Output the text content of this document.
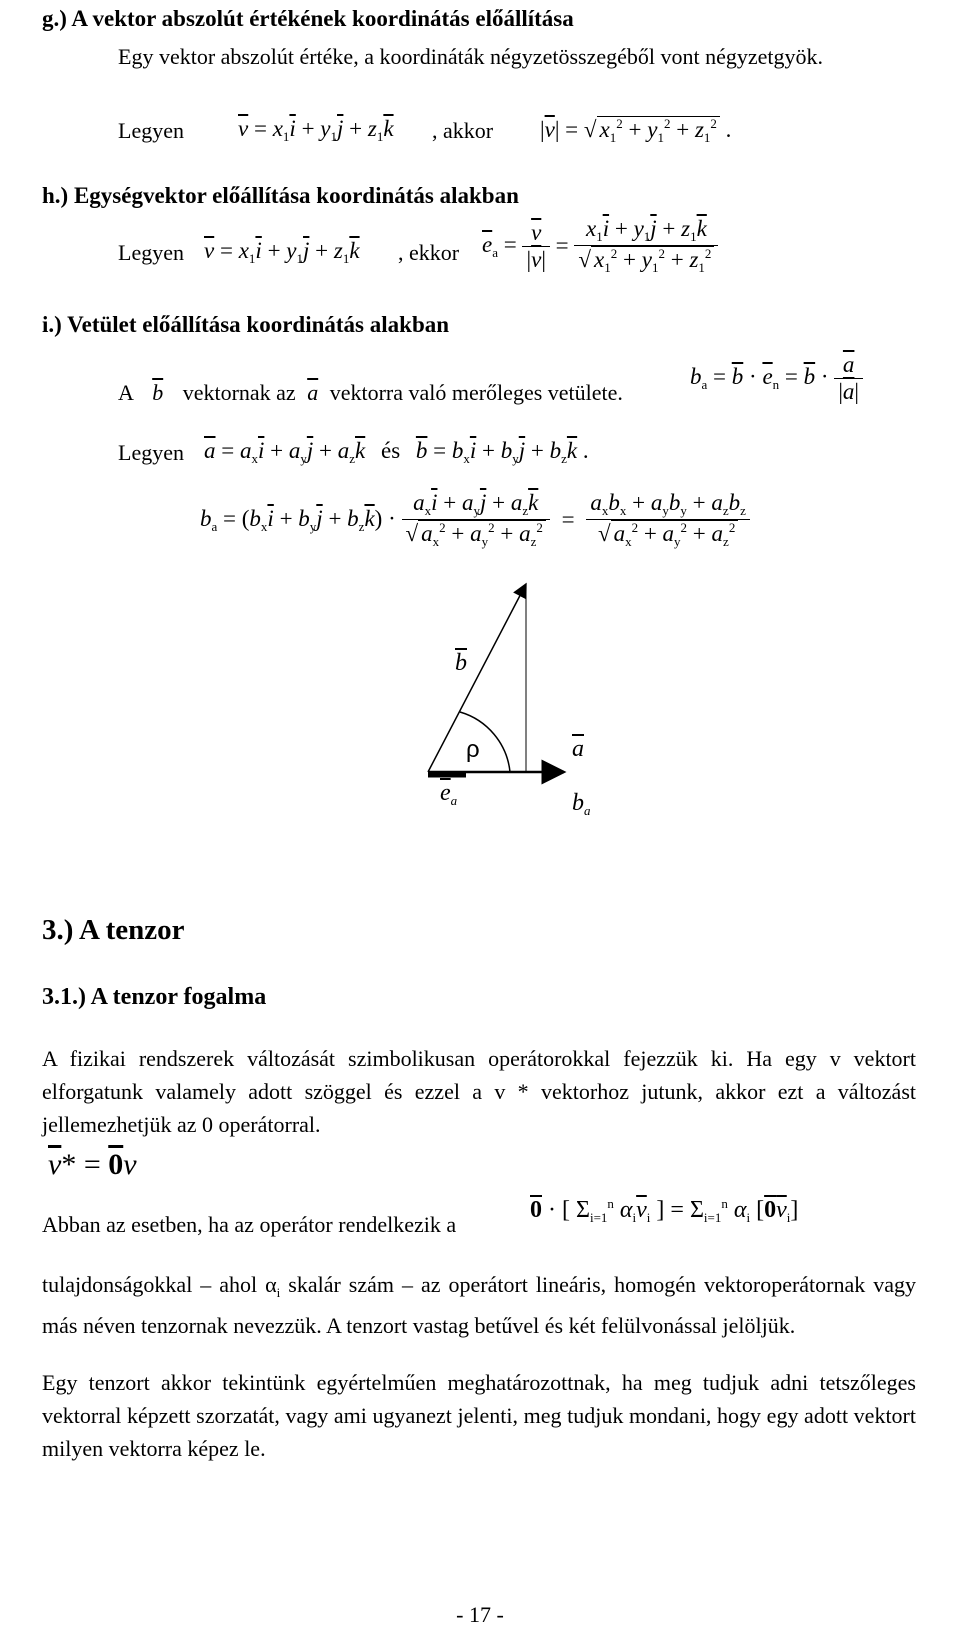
g.) A vektor abszolút értékének koordinátás előállítása
Egy vektor abszolút értéke, a koordináták négyzetösszegéből vont négyzetgyök.
Legyen $\overline{v} = x_1\overline{i} + y_1\overline{j} + z_1\overline{k}$ , akkor $|\overline{v}|$ = √ $x_1^2 + y_1^2 + z_1^2$ .
h.) Egységvektor előállítása koordinátás alakban
Legyen $\overline{v} = x_1\overline{i} + y_1\overline{j} + z_1\overline{k}$ , ekkor $\overline{e}_a = \frac{\overline{v}}{|\overline{v}|} = \frac{x_1\overline{i} + y_1\overline{j} + z_1\overline{k}}{√ x_1^2 + y_1^2 + z_1^2}$
i.) Vetület előállítása koordinátás alakban
A $\overline{b}$ vektornak az $\overline{a}$ vektorra való merőleges vetülete.
$b_a = \overline{b} \cdot \overline{e}_n = \overline{b} \cdot \frac{\overline{a}}{|\overline{a}|}$
Legyen $\overline{a} = a_x\overline{i} + a_y\overline{j} + a_z\overline{k}$ és $\overline{b} = b_x\overline{i} + b_y\overline{j} + b_z\overline{k}$ .
$b_a = (b_x\overline{i} + b_y\overline{j} + b_z\overline{k}) \cdot \frac{a_x\overline{i} + a_y\overline{j} + a_z\overline{k}}{√ a_x^2 + a_y^2 + a_z^2} = \frac{a_xb_x + a_yb_y + a_zb_z}{√ a_x^2 + a_y^2 + a_z^2}$
$\overline{b}$
ρ	$\overline{a}$
$\overline{e}_a$	$b_a$
3.) A tenzor
3.1.) A tenzor fogalma
A fizikai rendszerek változását szimbolikusan operátorokkal fejezzük ki. Ha egy v vektort elforgatunk valamely adott szöggel és ezzel a v * vektorhoz jutunk, akkor ezt a változást jellemezhetjük az 0 operátorral.
$\overline{v}* = 0v$
Abban az esetben, ha az operátor rendelkezik a
0 · [ $\Sigma_{i=1}^n$ $\alpha_i\overline{v}_i$ ] = $\Sigma_{i=1}^n$ $\alpha_i$ $[0\overline{v}_i]$
tulajdonságokkal – ahol $\alpha_i$ skalár szám – az operátort lineáris, homogén vektoroperátornak vagy más néven tenzornak nevezzük. A tenzort vastag betűvel és két felülvonással jelöljük.
Egy tenzort akkor tekintünk egyértelműen meghatározottnak, ha meg tudjuk adni tetszőleges vektorral képzett szorzatát, vagy ami ugyanezt jelenti, meg tudjuk mondani, hogy egy adott vektort milyen vektorra képez le.
- 17 -
